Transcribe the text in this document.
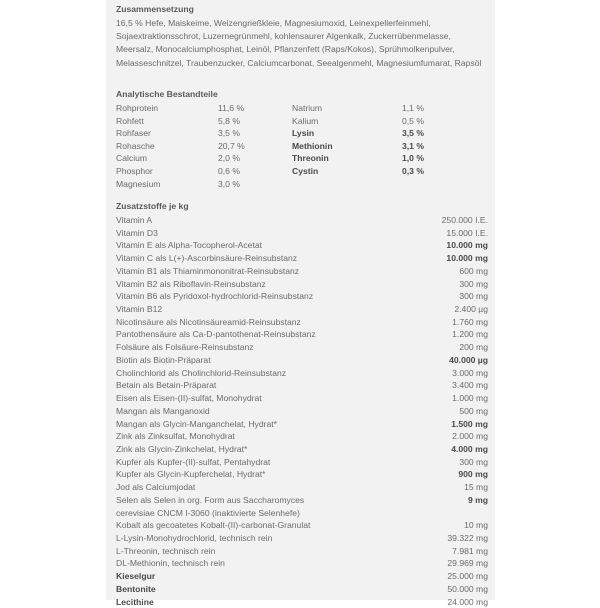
Zusammensetzung
16,5 % Hefe, Maiskeime, Weizengrießkleie, Magnesiumoxid, Leinexpellerfeinmehl, Sojaextraktionsschrot, Luzernegrünmehl, kohlensaurer Algenkalk, Zuckerrübenmelasse, Meersalz, Monocalciumphosphat, Leinöl, Pflanzenfett (Raps/Kokos), Sprühmolkenpulver, Melasseschnitzel, Traubenzucker, Calciumcarbonat, Seealgenmehl, Magnesiumfumarat, Rapsöl
Analytische Bestandteile
Rohprotein	11,6 %	Natrium	1,1 %
Rohfett	5,8 %	Kalium	0,5 %
Rohfaser	3,5 %	Lysin	3,5 %
Rohasche	20,7 %	Methionin	3,1 %
Calcium	2,0 %	Threonin	1,0 %
Phosphor	0,6 %	Cystin	0,3 %
Magnesium	3,0 %
Zusatzstoffe je kg
Vitamin A	250.000 I.E.
Vitamin D3	15.000 I.E.
Vitamin E als Alpha-Tocopherol-Acetat	10.000 mg
Vitamin C als L(+)-Ascorbinsäure-Reinsubstanz	10.000 mg
Vitamin B1 als Thiaminmononitrat-Reinsubstanz	600 mg
Vitamin B2 als Riboflavin-Reinsubstanz	300 mg
Vitamin B6 als Pyridoxol-hydrochlorid-Reinsubstanz	300 mg
Vitamin B12	2.400 µg
Nicotinsäure als Nicotinsäureamid-Reinsubstanz	1.760 mg
Pantothensäure als Ca-D-pantothenat-Reinsubstanz	1.200 mg
Folsäure als Folsäure-Reinsubstanz	200 mg
Biotin als Biotin-Präparat	40.000 µg
Cholinchlorid als Cholinchlorid-Reinsubstanz	3.000 mg
Betain als Betain-Präparat	3.400 mg
Eisen als Eisen-(II)-sulfat, Monohydrat	1.000 mg
Mangan als Manganoxid	500 mg
Mangan als Glycin-Manganchelat, Hydrat*	1.500 mg
Zink als Zinksulfat, Monohydrat	2.000 mg
Zink als Glycin-Zinkchelat, Hydrat*	4.000 mg
Kupfer als Kupfer-(II)-sulfat, Pentahydrat	300 mg
Kupfer als Glycin-Kupferchelat, Hydrat*	900 mg
Jod als Calciumjodat	15 mg
Selen als Selen in org. Form aus Saccharomyces	9 mg
cerevisiae CNCM I-3060 (inaktivierte Selenhefe)
Kobalt als gecoatetes Kobalt-(II)-carbonat-Granulat	10 mg
L-Lysin-Monohydrochlorid, technisch rein	39.322 mg
L-Threonin, technisch rein	7.981 mg
DL-Methionin, technisch rein	29.969 mg
Kieselgur	25.000 mg
Bentonite	50.000 mg
Lecithine	24.000 mg
